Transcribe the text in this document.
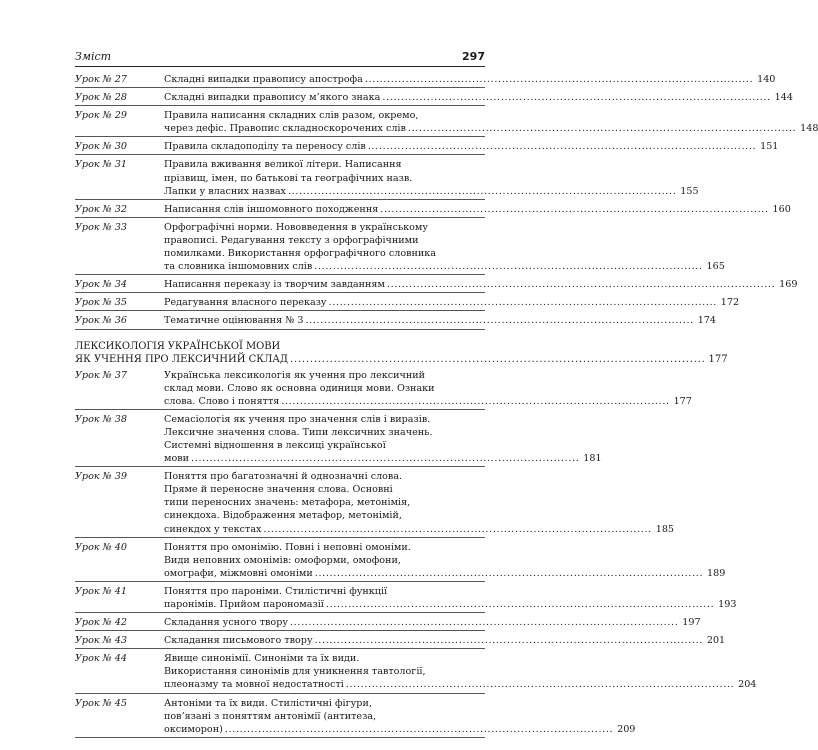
Зміст	297
Урок № 27	Складні випадки правопису апострофа . . .	140
Урок № 28	Складні випадки правопису м’якого знака . . .	144
Урок № 29	Правила написання складних слів разом, окремо,
через дефіс. Правопис складноскорочених слів . . .	148
Урок № 30	Правила складоподілу та переносу слів . . .	151
Урок № 31	Правила вживання великої літери. Написання
прізвищ, імен, по батькові та географічних назв.
Лапки у власних назвах . . .	155
Урок № 32	Написання слів іншомовного походження . . .	160
Урок № 33	Орфографічні норми. Нововведення в українському
правописі. Редагування тексту з орфографічними
помилками. Використання орфографічного словника
та словника іншомовних слів . . .	165
Урок № 34	Написання переказу із творчим завданням . . .	169
Урок № 35	Редагування власного переказу . . .	172
Урок № 36	Тематичне оцінювання № 3 . . .	174
ЛЕКСИКОЛОГІЯ УКРАЇНСЬКОЇ МОВИ
ЯК УЧЕННЯ ПРО ЛЕКСИЧНИЙ СКЛАД . . .	177
Урок № 37	Українська лексикологія як учення про лексичний
склад мови. Слово як основна одиниця мови. Ознаки
слова. Слово і поняття . . .	177
Урок № 38	Семасіологія як учення про значення слів і виразів.
Лексичне значення слова. Типи лексичних значень.
Системні відношення в лексиці української
мови . . .	181
Урок № 39	Поняття про багатозначні й однозначні слова.
Пряме й переносне значення слова. Основні
типи переносних значень: метафора, метонімія,
синекдоха. Відображення метафор, метонімій,
синекдох у текстах . . .	185
Урок № 40	Поняття про омонімію. Повні і неповні омоніми.
Види неповних омонімів: омоформи, омофони,
омографи, міжмовні омоніми . . .	189
Урок № 41	Поняття про пароніми. Стилістичні функції
паронімів. Прийом парономазії . . .	193
Урок № 42	Складання усного твору . . .	197
Урок № 43	Складання письмового твору . . .	201
Урок № 44	Явище синонімії. Синоніми та їх види.
Використання синонімів для уникнення тавтології,
плеоназму та мовної недостатності . . .	204
Урок № 45	Антоніми та їх види. Стилістичні фігури,
пов’язані з поняттям антонімії (антитеза,
оксиморон) . . .	209
